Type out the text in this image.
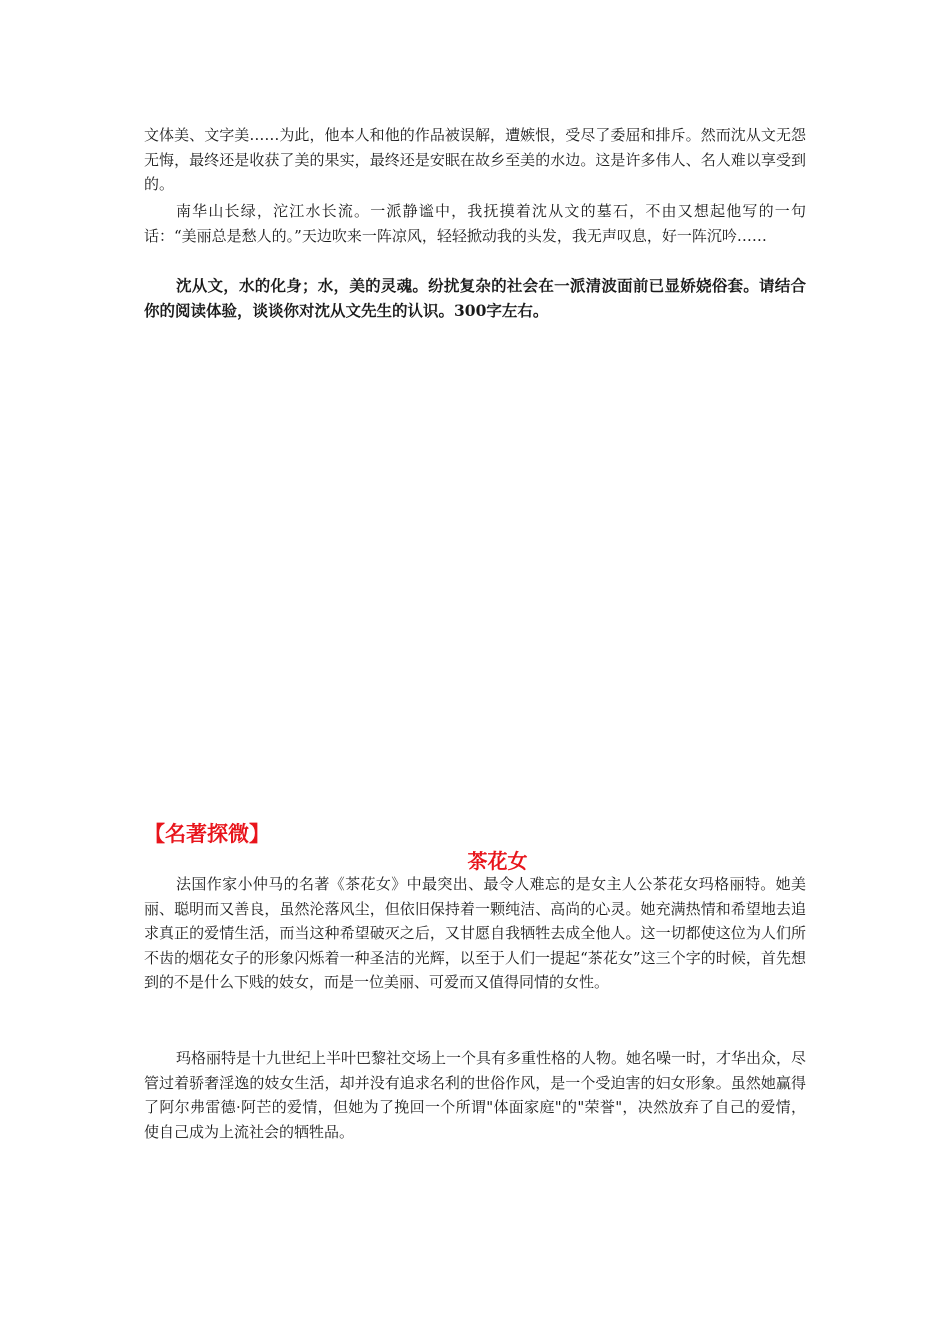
文体美、文字美……为此，他本人和他的作品被误解，遭嫉恨，受尽了委屈和排斥。然而沈从文无怨无悔，最终还是收获了美的果实，最终还是安眠在故乡至美的水边。这是许多伟人、名人难以享受到的。

南华山长绿，沱江水长流。一派静谧中，我抚摸着沈从文的墓石，不由又想起他写的一句话：“美丽总是愁人的。”天边吹来一阵凉风，轻轻掀动我的头发，我无声叹息，好一阵沉吟……

沈从文，水的化身；水，美的灵魂。纷扰复杂的社会在一派清波面前已显娇娆俗套。请结合你的阅读体验，谈谈你对沈从文先生的认识。300字左右。

【名著探微】

茶花女

法国作家小仲马的名著《茶花女》中最突出、最令人难忘的是女主人公茶花女玛格丽特。她美丽、聪明而又善良，虽然沦落风尘，但依旧保持着一颗纯洁、高尚的心灵。她充满热情和希望地去追求真正的爱情生活，而当这种希望破灭之后，又甘愿自我牺牲去成全他人。这一切都使这位为人们所不齿的烟花女子的形象闪烁着一种圣洁的光辉，以至于人们一提起“茶花女”这三个字的时候，首先想到的不是什么下贱的妓女，而是一位美丽、可爱而又值得同情的女性。

玛格丽特是十九世纪上半叶巴黎社交场上一个具有多重性格的人物。她名噪一时，才华出众，尽管过着骄奢淫逸的妓女生活，却并没有追求名利的世俗作风，是一个受迫害的妇女形象。虽然她赢得了阿尔弗雷德·阿芒的爱情，但她为了挽回一个所谓"体面家庭"的"荣誉"，决然放弃了自己的爱情，使自己成为上流社会的牺牲品。
